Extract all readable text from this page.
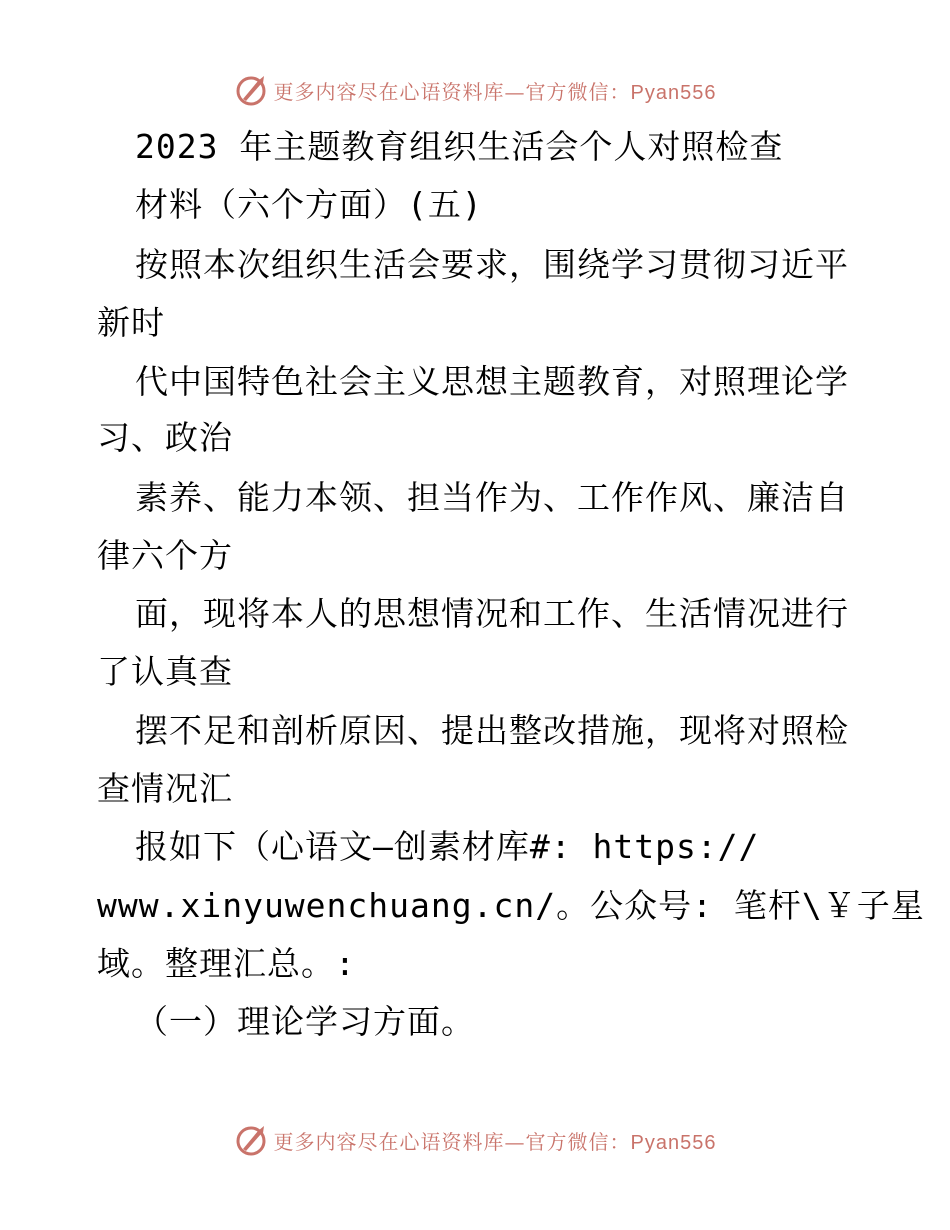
更多内容尽在心语资料库—官方微信：Pyan556
2023 年主题教育组织生活会个人对照检查
材料（六个方面）(五)
按照本次组织生活会要求，围绕学习贯彻习近平
新时
代中国特色社会主义思想主题教育，对照理论学
习、政治
素养、能力本领、担当作为、工作作风、廉洁自
律六个方
面，现将本人的思想情况和工作、生活情况进行
了认真查
摆不足和剖析原因、提出整改措施，现将对照检
查情况汇
报如下（心语文—创素材库#: https://
www.xinyuwenchuang.cn/。公众号: 笔杆\￥子星
域。整理汇总。:
（一）理论学习方面。
更多内容尽在心语资料库—官方微信：Pyan556
